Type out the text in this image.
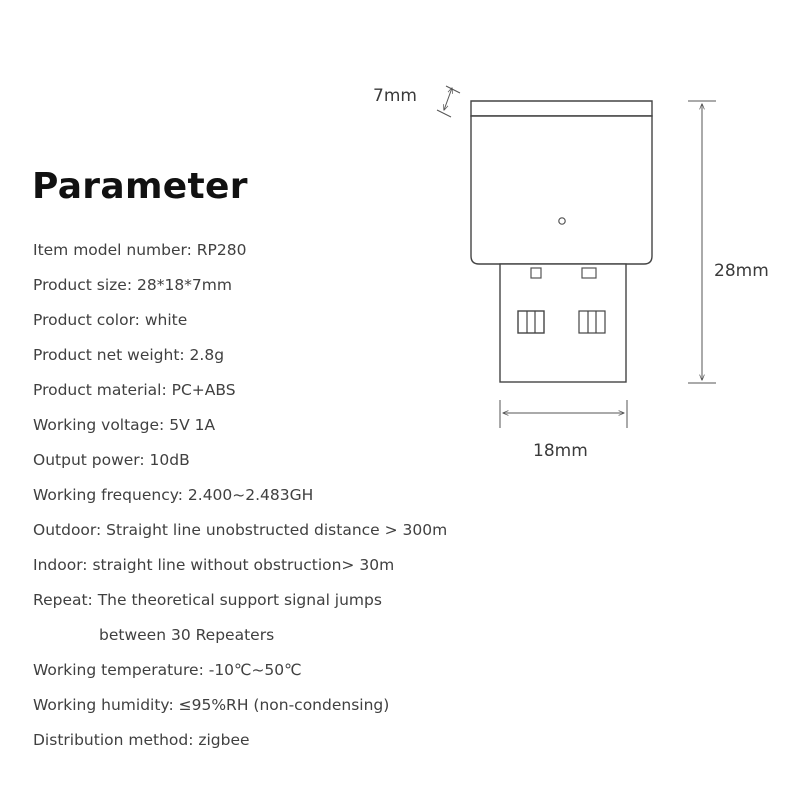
Parameter
Item model number: RP280
Product size: 28*18*7mm
Product color: white
Product net weight: 2.8g
Product material: PC+ABS
Working voltage: 5V 1A
Output power: 10dB
Working frequency: 2.400~2.483GH
Outdoor: Straight line unobstructed distance > 300m
Indoor: straight line without obstruction> 30m
Repeat: The theoretical support signal jumps
between 30 Repeaters
Working temperature: -10℃~50℃
Working humidity: ≤95%RH (non-condensing)
Distribution method: zigbee
7mm
28mm
18mm
